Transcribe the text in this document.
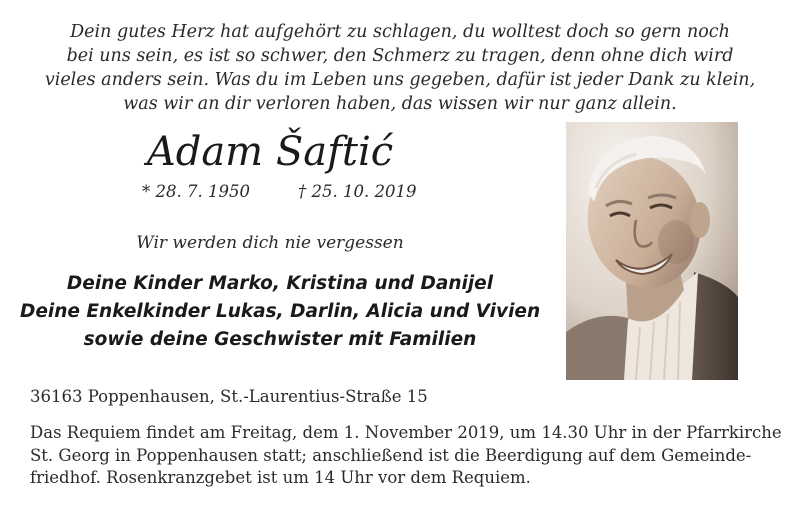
Dein gutes Herz hat aufgehört zu schlagen, du wolltest doch so gern noch
bei uns sein, es ist so schwer, den Schmerz zu tragen, denn ohne dich wird
vieles anders sein. Was du im Leben uns gegeben, dafür ist jeder Dank zu klein,
was wir an dir verloren haben, das wissen wir nur ganz allein.
Adam Šaftić
* 28. 7. 1950	† 25. 10. 2019
Wir werden dich nie vergessen
Deine Kinder Marko, Kristina und Danijel
Deine Enkelkinder Lukas, Darlin, Alicia und Vivien
sowie deine Geschwister mit Familien
36163 Poppenhausen, St.-Laurentius-Straße 15
Das Requiem findet am Freitag, dem 1. November 2019, um 14.30 Uhr in der Pfarrkirche
St. Georg in Poppenhausen statt; anschließend ist die Beerdigung auf dem Gemeinde-
friedhof. Rosenkranzgebet ist um 14 Uhr vor dem Requiem.
